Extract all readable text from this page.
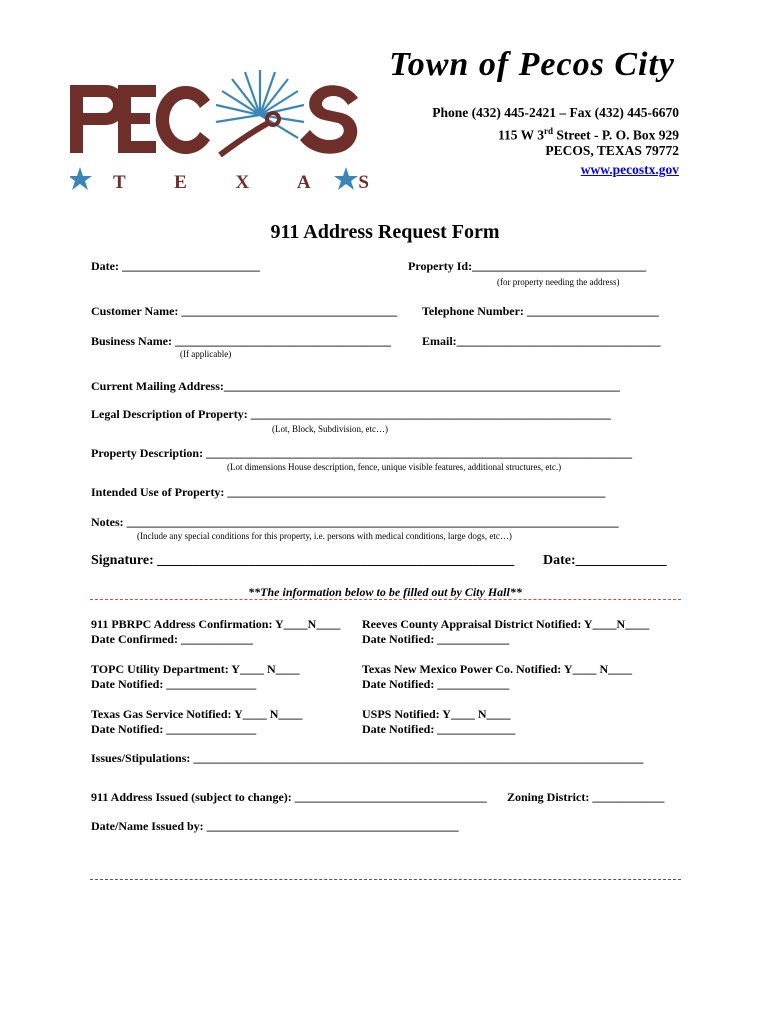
T E X A S
Town of Pecos City
Phone (432) 445-2421 – Fax (432) 445-6670
115 W 3rd Street - P. O. Box 929
PECOS, TEXAS 79772
www.pecostx.gov
911 Address Request Form
Date: _______________________	Property Id:_____________________________
(for property needing the address)
Customer Name: ____________________________________ Telephone Number: ______________________
Business Name: ____________________________________	Email:__________________________________
(If applicable)
Current Mailing Address:__________________________________________________________________
Legal Description of Property: ____________________________________________________________
(Lot, Block, Subdivision, etc…)
Property Description: _______________________________________________________________________
(Lot dimensions House description, fence, unique visible features, additional structures, etc.)
Intended Use of Property: _______________________________________________________________
Notes: __________________________________________________________________________________
(Include any special conditions for this property, i.e. persons with medical conditions, large dogs, etc…)
Signature: ___________________________________________________ Date:_____________
**The information below to be filled out by City Hall**
911 PBRPC Address Confirmation: Y____N____
Date Confirmed: ____________
Reeves County Appraisal District Notified: Y____N____
Date Notified: ____________
TOPC Utility Department: Y____ N____
Date Notified: _______________
Texas New Mexico Power Co. Notified: Y____ N____
Date Notified: ____________
Texas Gas Service Notified: Y____ N____
Date Notified: _______________
USPS Notified: Y____ N____
Date Notified: _____________
Issues/Stipulations: ___________________________________________________________________________
911 Address Issued (subject to change): ________________________________ Zoning District: ____________
Date/Name Issued by: __________________________________________
